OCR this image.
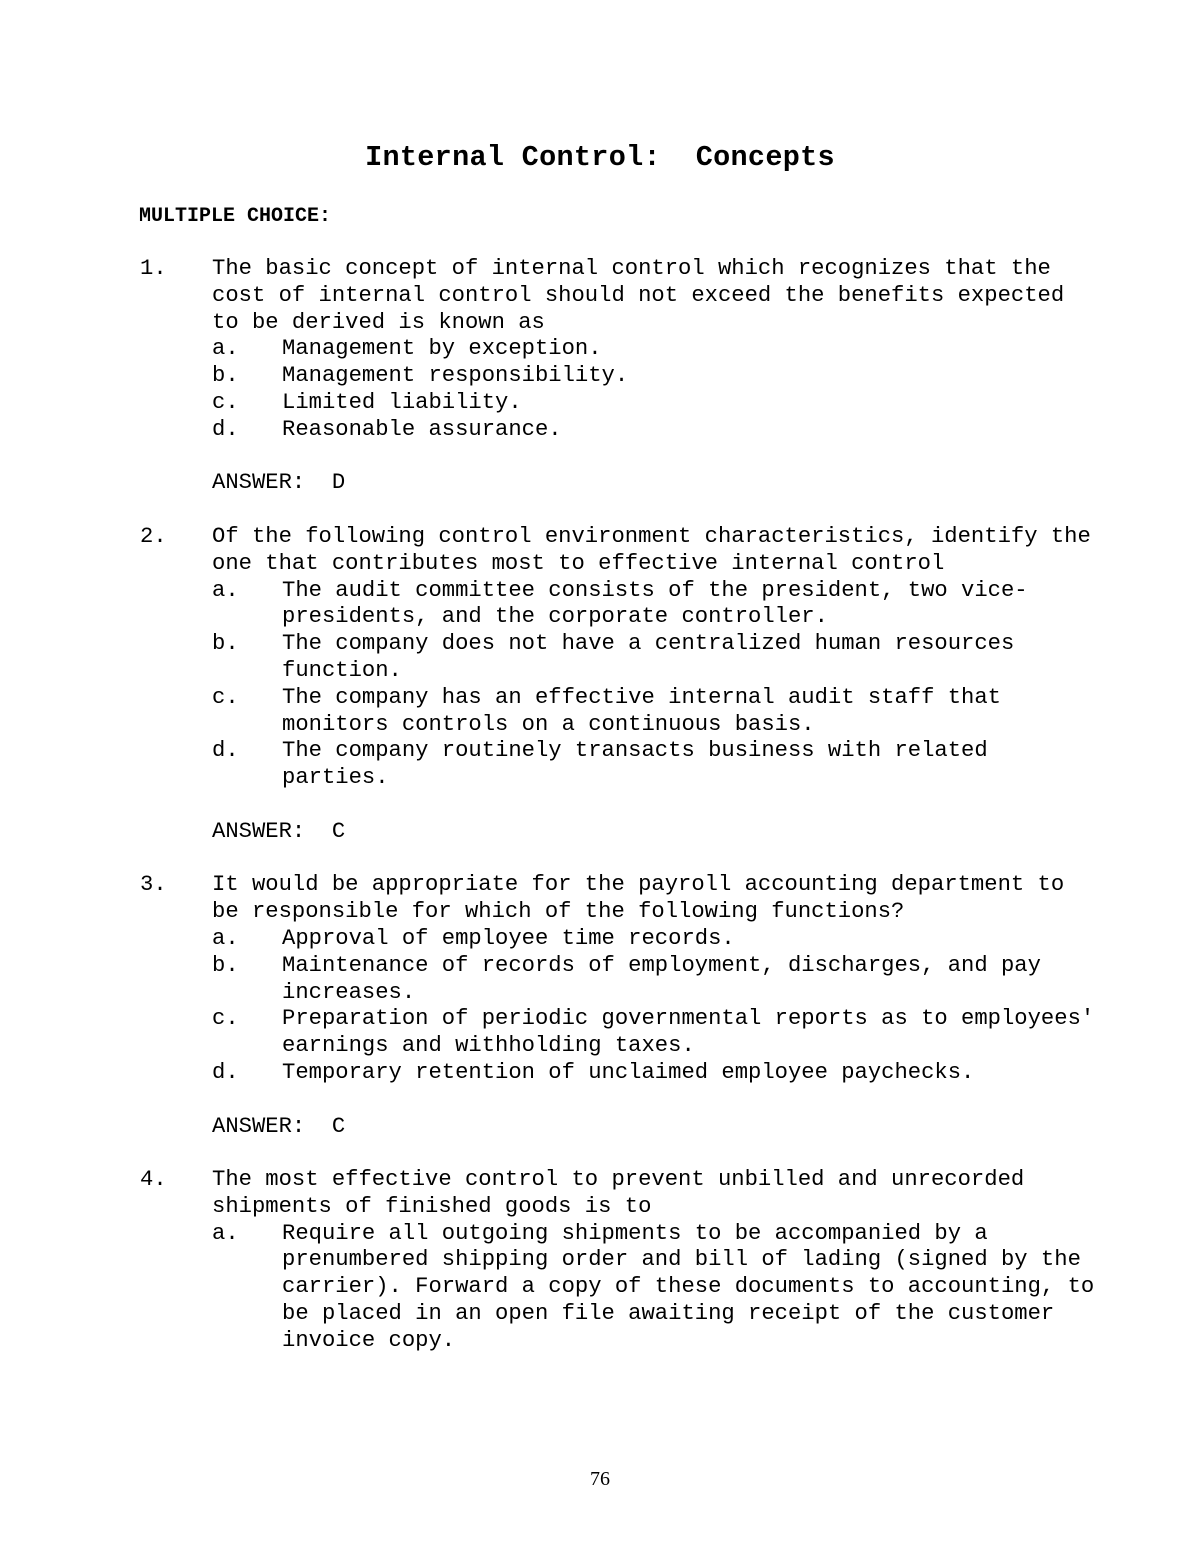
Internal Control:  Concepts
MULTIPLE CHOICE:
1. The basic concept of internal control which recognizes that the cost of internal control should not exceed the benefits expected to be derived is known as
a. Management by exception.
b. Management responsibility.
c. Limited liability.
d. Reasonable assurance.
ANSWER:  D
2. Of the following control environment characteristics, identify the one that contributes most to effective internal control
a. The audit committee consists of the president, two vice- presidents, and the corporate controller.
b. The company does not have a centralized human resources function.
c. The company has an effective internal audit staff that monitors controls on a continuous basis.
d. The company routinely transacts business with related parties.
ANSWER:  C
3. It would be appropriate for the payroll accounting department to be responsible for which of the following functions?
a. Approval of employee time records.
b. Maintenance of records of employment, discharges, and pay increases.
c. Preparation of periodic governmental reports as to employees' earnings and withholding taxes.
d. Temporary retention of unclaimed employee paychecks.
ANSWER:  C
4. The most effective control to prevent unbilled and unrecorded shipments of finished goods is to
a. Require all outgoing shipments to be accompanied by a prenumbered shipping order and bill of lading (signed by the carrier). Forward a copy of these documents to accounting, to be placed in an open file awaiting receipt of the customer invoice copy.
76
